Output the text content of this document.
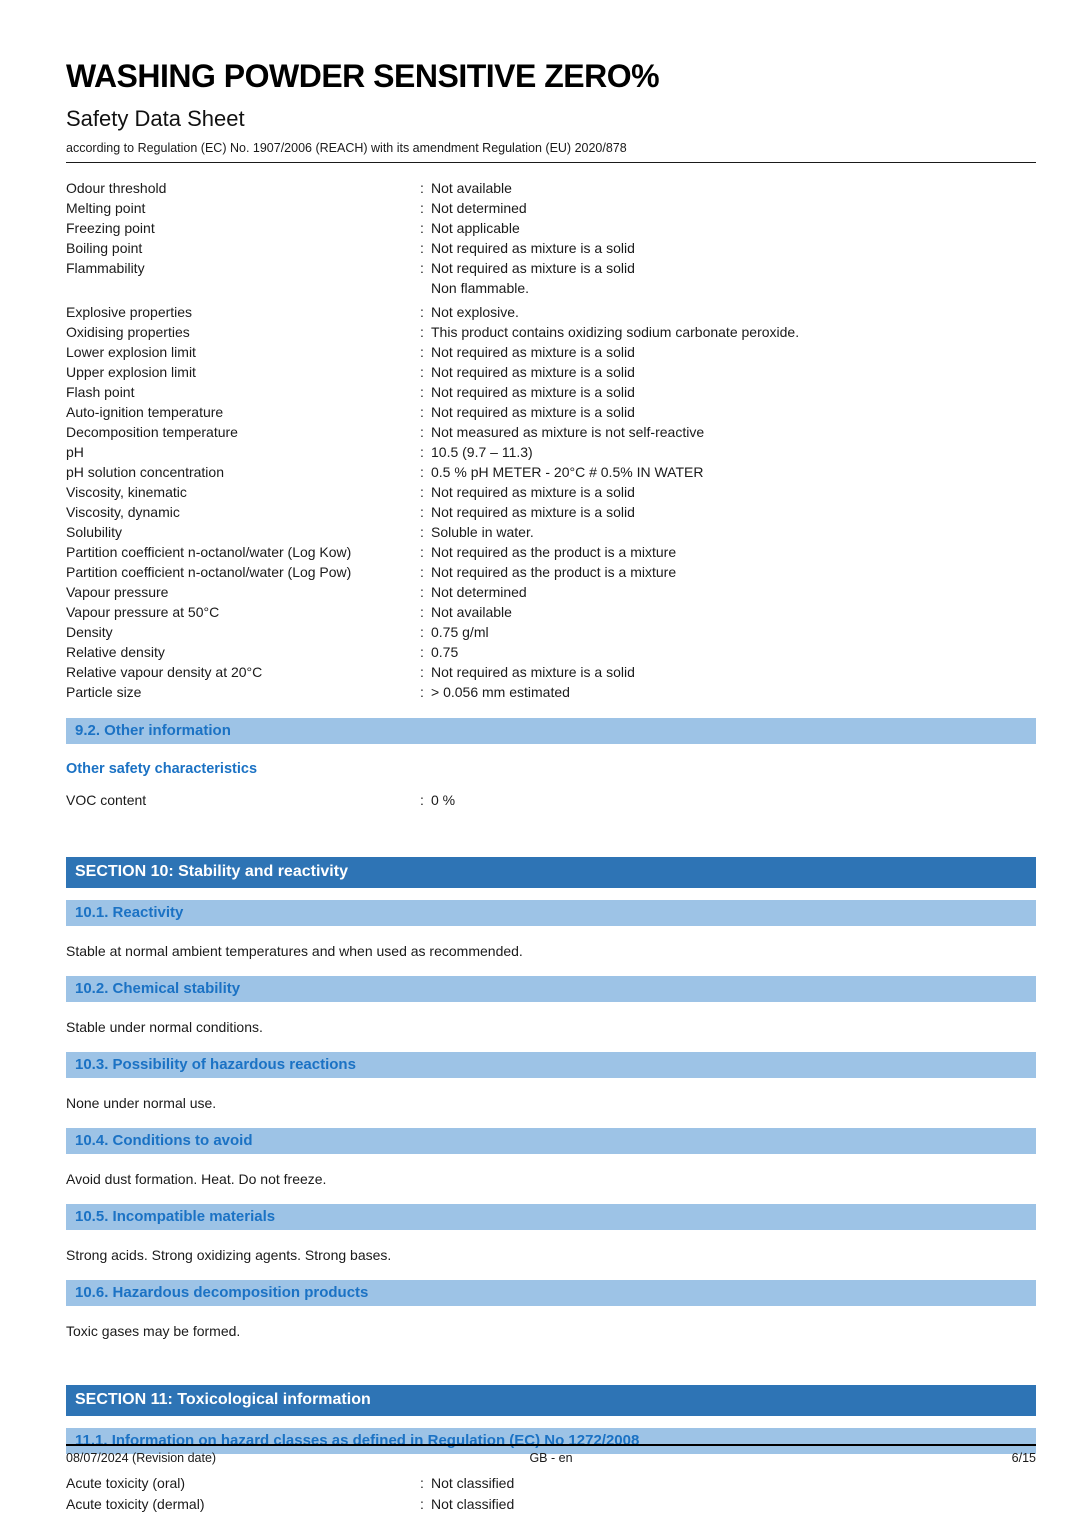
WASHING POWDER SENSITIVE ZERO%
Safety Data Sheet
according to Regulation (EC) No. 1907/2006 (REACH) with its amendment Regulation (EU) 2020/878
Odour threshold	: Not available
Melting point	: Not determined
Freezing point	: Not applicable
Boiling point	: Not required as mixture is a solid
Flammability	: Not required as mixture is a solid
Non flammable.
Explosive properties	: Not explosive.
Oxidising properties	: This product contains oxidizing sodium carbonate peroxide.
Lower explosion limit	: Not required as mixture is a solid
Upper explosion limit	: Not required as mixture is a solid
Flash point	: Not required as mixture is a solid
Auto-ignition temperature	: Not required as mixture is a solid
Decomposition temperature	: Not measured as mixture is not self-reactive
pH	: 10.5 (9.7 – 11.3)
pH solution concentration	: 0.5 % pH METER - 20°C # 0.5% IN WATER
Viscosity, kinematic	: Not required as mixture is a solid
Viscosity, dynamic	: Not required as mixture is a solid
Solubility	: Soluble in water.
Partition coefficient n-octanol/water (Log Kow)	: Not required as the product is a mixture
Partition coefficient n-octanol/water (Log Pow)	: Not required as the product is a mixture
Vapour pressure	: Not determined
Vapour pressure at 50°C	: Not available
Density	: 0.75 g/ml
Relative density	: 0.75
Relative vapour density at 20°C	: Not required as mixture is a solid
Particle size	: > 0.056 mm estimated
9.2. Other information
Other safety characteristics
VOC content	: 0 %
SECTION 10: Stability and reactivity
10.1. Reactivity
Stable at normal ambient temperatures and when used as recommended.
10.2. Chemical stability
Stable under normal conditions.
10.3. Possibility of hazardous reactions
None under normal use.
10.4. Conditions to avoid
Avoid dust formation. Heat. Do not freeze.
10.5. Incompatible materials
Strong acids. Strong oxidizing agents. Strong bases.
10.6. Hazardous decomposition products
Toxic gases may be formed.
SECTION 11: Toxicological information
11.1. Information on hazard classes as defined in Regulation (EC) No 1272/2008
Acute toxicity (oral)	: Not classified
Acute toxicity (dermal)	: Not classified
08/07/2024 (Revision date)	GB - en	6/15
